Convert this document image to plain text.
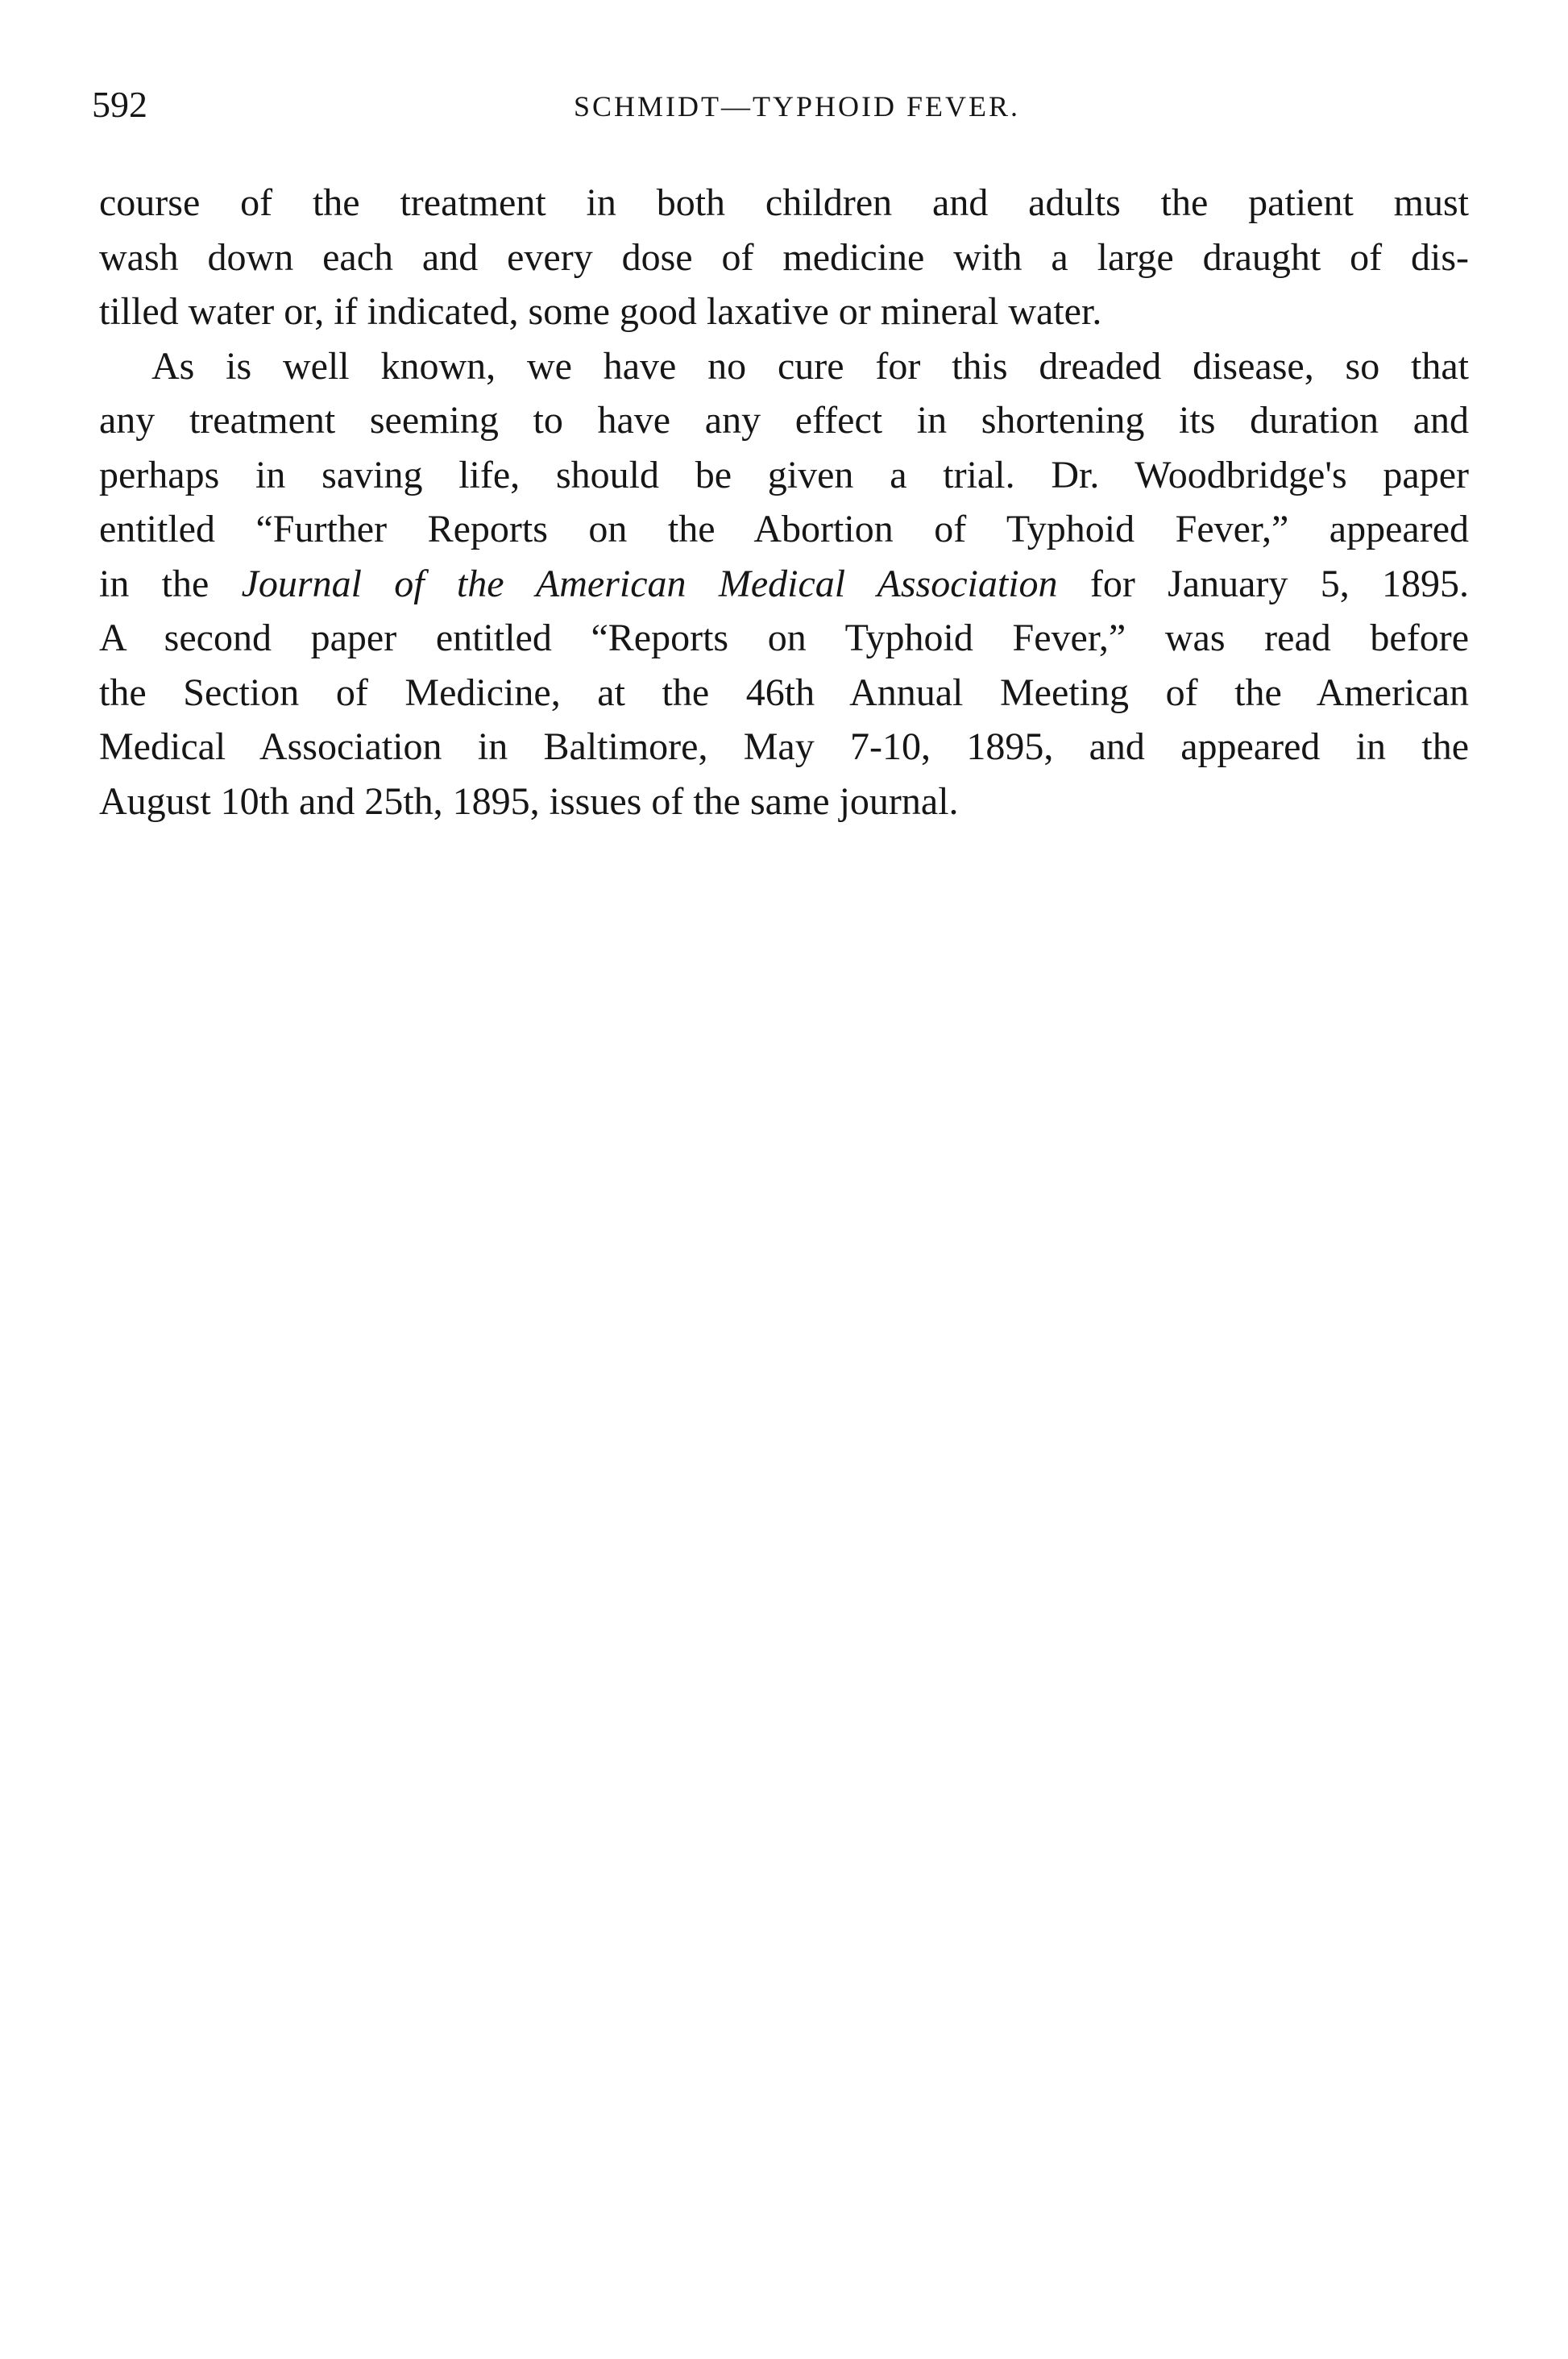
592	SCHMIDT—TYPHOID FEVER.
course of the treatment in both children and adults the patient must
wash down each and every dose of medicine with a large draught of dis-
tilled water or, if indicated, some good laxative or mineral water.
As is well known, we have no cure for this dreaded disease, so that
any treatment seeming to have any effect in shortening its duration and
perhaps in saving life, should be given a trial. Dr. Woodbridge's paper
entitled “Further Reports on the Abortion of Typhoid Fever,” appeared
in the Journal of the American Medical Association for January 5, 1895.
A second paper entitled “Reports on Typhoid Fever,” was read before
the Section of Medicine, at the 46th Annual Meeting of the American
Medical Association in Baltimore, May 7-10, 1895, and appeared in the
August 10th and 25th, 1895, issues of the same journal.
